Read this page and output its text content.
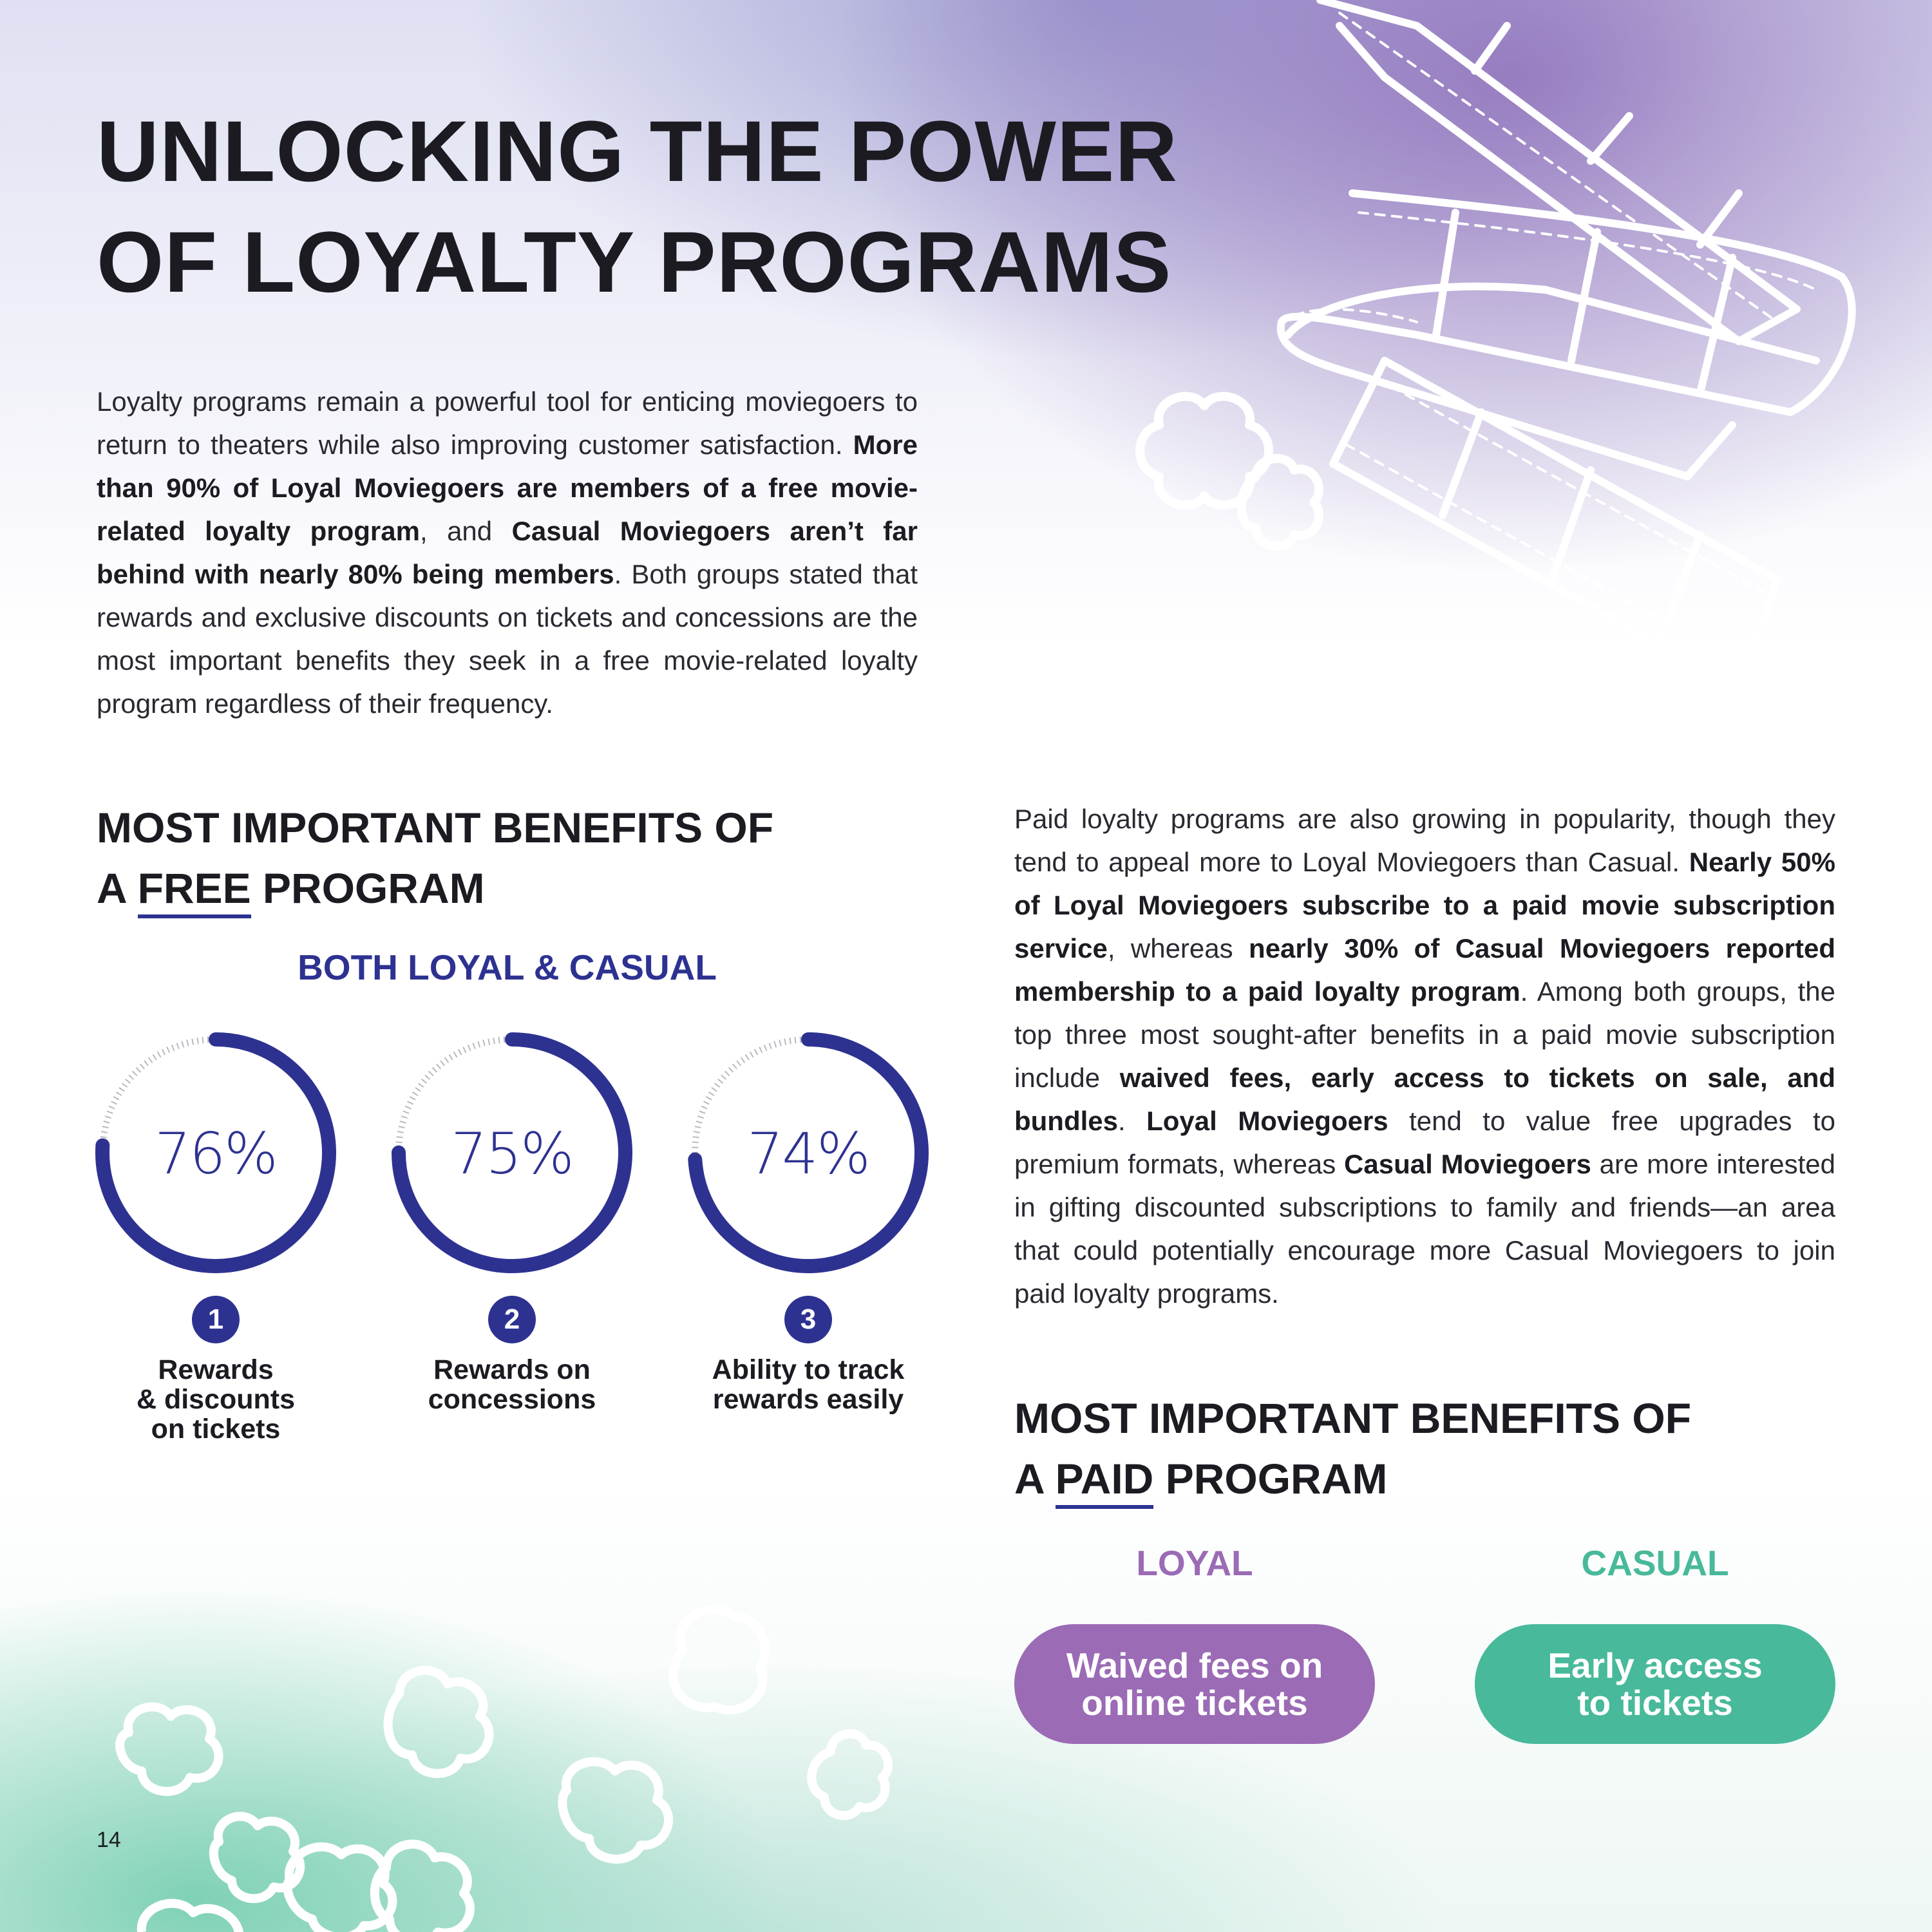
UNLOCKING THE POWER
OF LOYALTY PROGRAMS

Loyalty programs remain a powerful tool for enticing moviegoers to return to theaters while also improving customer satisfaction. More than 90% of Loyal Moviegoers are members of a free movie-related loyalty program, and Casual Moviegoers aren’t far behind with nearly 80% being members. Both groups stated that rewards and exclusive discounts on tickets and concessions are the most important benefits they seek in a free movie-related loyalty program regardless of their frequency.

MOST IMPORTANT BENEFITS OF
A FREE PROGRAM
BOTH LOYAL & CASUAL
76%
1
Rewards
& discounts
on tickets
75%
2
Rewards on
concessions
74%
3
Ability to track
rewards easily

Paid loyalty programs are also growing in popularity, though they tend to appeal more to Loyal Moviegoers than Casual. Nearly 50% of Loyal Moviegoers subscribe to a paid movie subscription service, whereas nearly 30% of Casual Moviegoers reported membership to a paid loyalty program. Among both groups, the top three most sought-after benefits in a paid movie subscription include waived fees, early access to tickets on sale, and bundles. Loyal Moviegoers tend to value free upgrades to premium formats, whereas Casual Moviegoers are more interested in gifting discounted subscriptions to family and friends—an area that could potentially encourage more Casual Moviegoers to join paid loyalty programs.

MOST IMPORTANT BENEFITS OF
A PAID PROGRAM
LOYAL	CASUAL
Waived fees on
online tickets
Early access
to tickets
14
